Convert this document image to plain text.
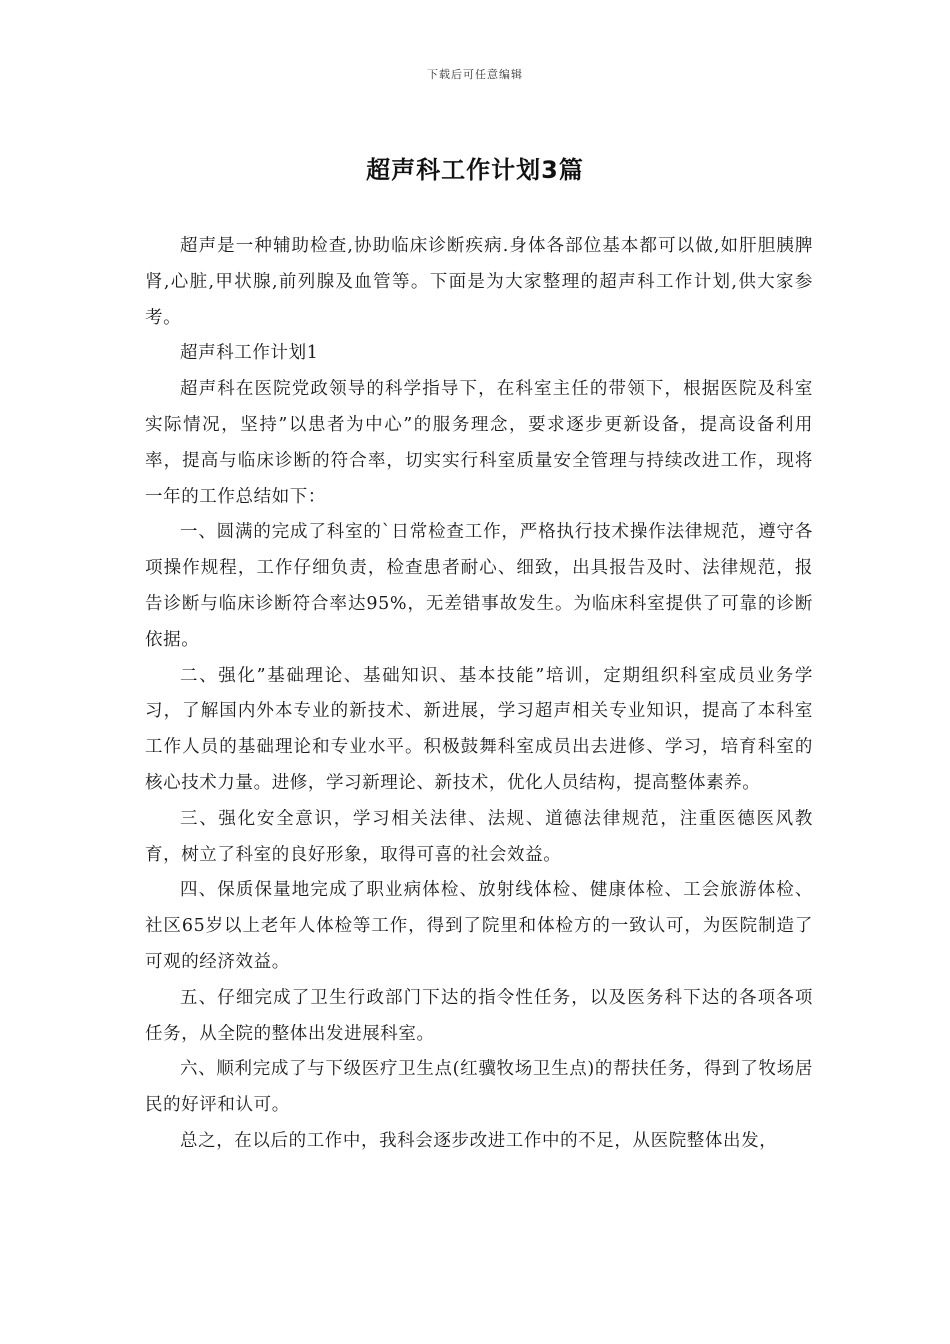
下载后可任意编辑
超声科工作计划3篇

超声是一种辅助检查,协助临床诊断疾病.身体各部位基本都可以做,如肝胆胰脾肾,心脏,甲状腺,前列腺及血管等。下面是为大家整理的超声科工作计划,供大家参考。

超声科工作计划1

超声科在医院党政领导的科学指导下，在科室主任的带领下，根据医院及科室实际情况，坚持”以患者为中心”的服务理念，要求逐步更新设备，提高设备利用率，提高与临床诊断的符合率，切实实行科室质量安全管理与持续改进工作，现将一年的工作总结如下：

一、圆满的完成了科室的`日常检查工作，严格执行技术操作法律规范，遵守各项操作规程，工作仔细负责，检查患者耐心、细致，出具报告及时、法律规范，报告诊断与临床诊断符合率达95%，无差错事故发生。为临床科室提供了可靠的诊断依据。

二、强化”基础理论、基础知识、基本技能”培训，定期组织科室成员业务学习，了解国内外本专业的新技术、新进展，学习超声相关专业知识，提高了本科室工作人员的基础理论和专业水平。积极鼓舞科室成员出去进修、学习，培育科室的核心技术力量。进修，学习新理论、新技术，优化人员结构，提高整体素养。

三、强化安全意识，学习相关法律、法规、道德法律规范，注重医德医风教育，树立了科室的良好形象，取得可喜的社会效益。

四、保质保量地完成了职业病体检、放射线体检、健康体检、工会旅游体检、社区65岁以上老年人体检等工作，得到了院里和体检方的一致认可，为医院制造了可观的经济效益。

五、仔细完成了卫生行政部门下达的指令性任务，以及医务科下达的各项各项任务，从全院的整体出发进展科室。

六、顺利完成了与下级医疗卫生点(红骥牧场卫生点)的帮扶任务，得到了牧场居民的好评和认可。

总之，在以后的工作中，我科会逐步改进工作中的不足，从医院整体出发，
